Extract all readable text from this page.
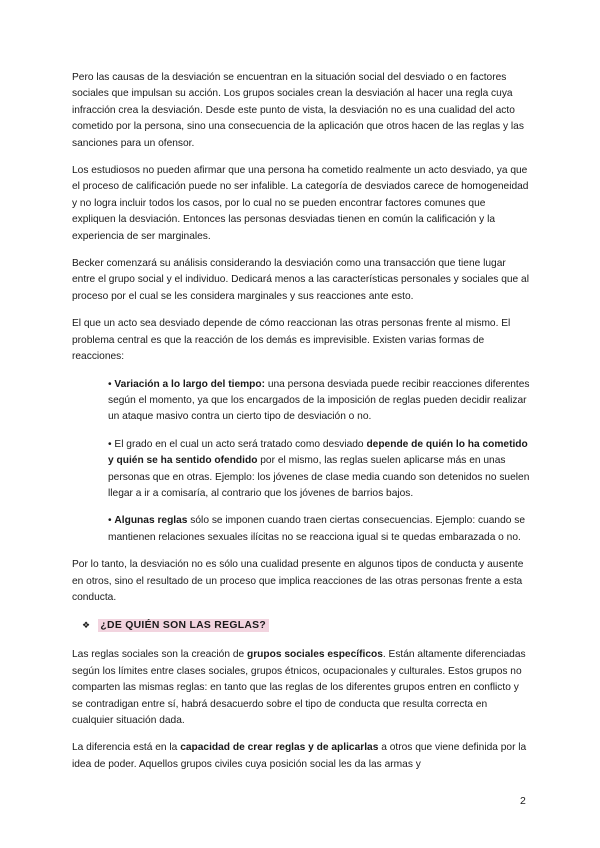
Pero las causas de la desviación se encuentran en la situación social del desviado o en factores sociales que impulsan su acción. Los grupos sociales crean la desviación al hacer una regla cuya infracción crea la desviación. Desde este punto de vista, la desviación no es una cualidad del acto cometido por la persona, sino una consecuencia de la aplicación que otros hacen de las reglas y las sanciones para un ofensor.

Los estudiosos no pueden afirmar que una persona ha cometido realmente un acto desviado, ya que el proceso de calificación puede no ser infalible. La categoría de desviados carece de homogeneidad y no logra incluir todos los casos, por lo cual no se pueden encontrar factores comunes que expliquen la desviación. Entonces las personas desviadas tienen en común la calificación y la experiencia de ser marginales.

Becker comenzará su análisis considerando la desviación como una transacción que tiene lugar entre el grupo social y el individuo. Dedicará menos a las características personales y sociales que al proceso por el cual se les considera marginales y sus reacciones ante esto.

El que un acto sea desviado depende de cómo reaccionan las otras personas frente al mismo. El problema central es que la reacción de los demás es imprevisible. Existen varias formas de reacciones:

• Variación a lo largo del tiempo: una persona desviada puede recibir reacciones diferentes según el momento, ya que los encargados de la imposición de reglas pueden decidir realizar un ataque masivo contra un cierto tipo de desviación o no.
• El grado en el cual un acto será tratado como desviado depende de quién lo ha cometido y quién se ha sentido ofendido por el mismo, las reglas suelen aplicarse más en unas personas que en otras. Ejemplo: los jóvenes de clase media cuando son detenidos no suelen llegar a ir a comisaría, al contrario que los jóvenes de barrios bajos.
• Algunas reglas sólo se imponen cuando traen ciertas consecuencias. Ejemplo: cuando se mantienen relaciones sexuales ilícitas no se reacciona igual si te quedas embarazada o no.

Por lo tanto, la desviación no es sólo una cualidad presente en algunos tipos de conducta y ausente en otros, sino el resultado de un proceso que implica reacciones de las otras personas frente a esta conducta.

❖ ¿DE QUIÉN SON LAS REGLAS?

Las reglas sociales son la creación de grupos sociales específicos. Están altamente diferenciadas según los límites entre clases sociales, grupos étnicos, ocupacionales y culturales. Estos grupos no comparten las mismas reglas: en tanto que las reglas de los diferentes grupos entren en conflicto y se contradigan entre sí, habrá desacuerdo sobre el tipo de conducta que resulta correcta en cualquier situación dada.

La diferencia está en la capacidad de crear reglas y de aplicarlas a otros que viene definida por la idea de poder. Aquellos grupos civiles cuya posición social les da las armas y

2
